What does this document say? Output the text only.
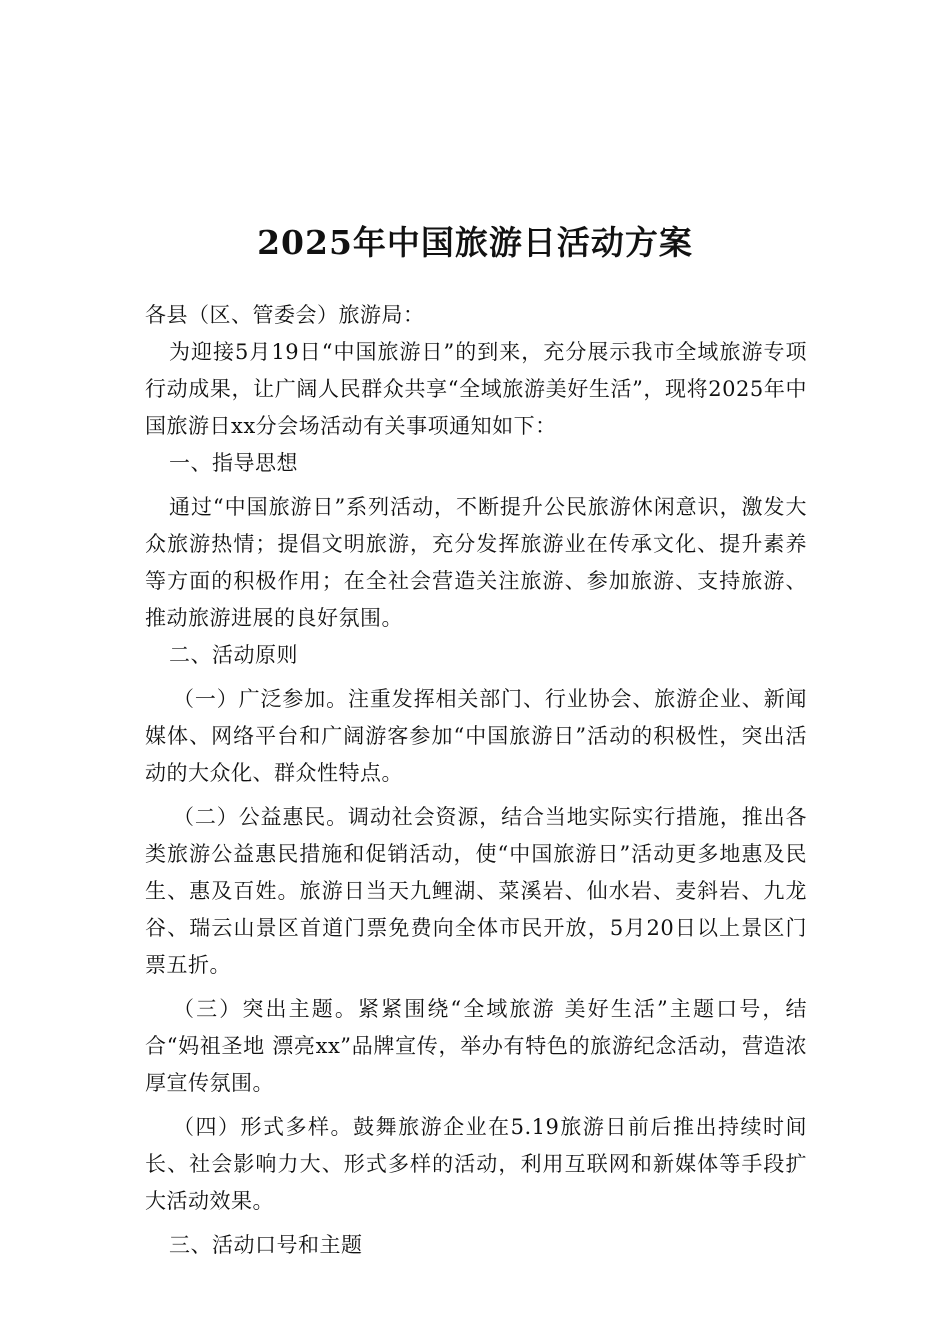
2025年中国旅游日活动方案

各县（区、管委会）旅游局：

为迎接5月19日“中国旅游日”的到来，充分展示我市全域旅游专项行动成果，让广阔人民群众共享“全域旅游美好生活”，现将2025年中国旅游日xx分会场活动有关事项通知如下：

一、指导思想

通过“中国旅游日”系列活动，不断提升公民旅游休闲意识，激发大众旅游热情；提倡文明旅游，充分发挥旅游业在传承文化、提升素养等方面的积极作用；在全社会营造关注旅游、参加旅游、支持旅游、推动旅游进展的良好氛围。

二、活动原则

（一）广泛参加。注重发挥相关部门、行业协会、旅游企业、新闻媒体、网络平台和广阔游客参加“中国旅游日”活动的积极性，突出活动的大众化、群众性特点。

（二）公益惠民。调动社会资源，结合当地实际实行措施，推出各类旅游公益惠民措施和促销活动，使“中国旅游日”活动更多地惠及民生、惠及百姓。旅游日当天九鲤湖、菜溪岩、仙水岩、麦斜岩、九龙谷、瑞云山景区首道门票免费向全体市民开放，5月20日以上景区门票五折。

（三）突出主题。紧紧围绕“全域旅游 美好生活”主题口号，结合“妈祖圣地 漂亮xx”品牌宣传，举办有特色的旅游纪念活动，营造浓厚宣传氛围。

（四）形式多样。鼓舞旅游企业在5.19旅游日前后推出持续时间长、社会影响力大、形式多样的活动，利用互联网和新媒体等手段扩大活动效果。

三、活动口号和主题
